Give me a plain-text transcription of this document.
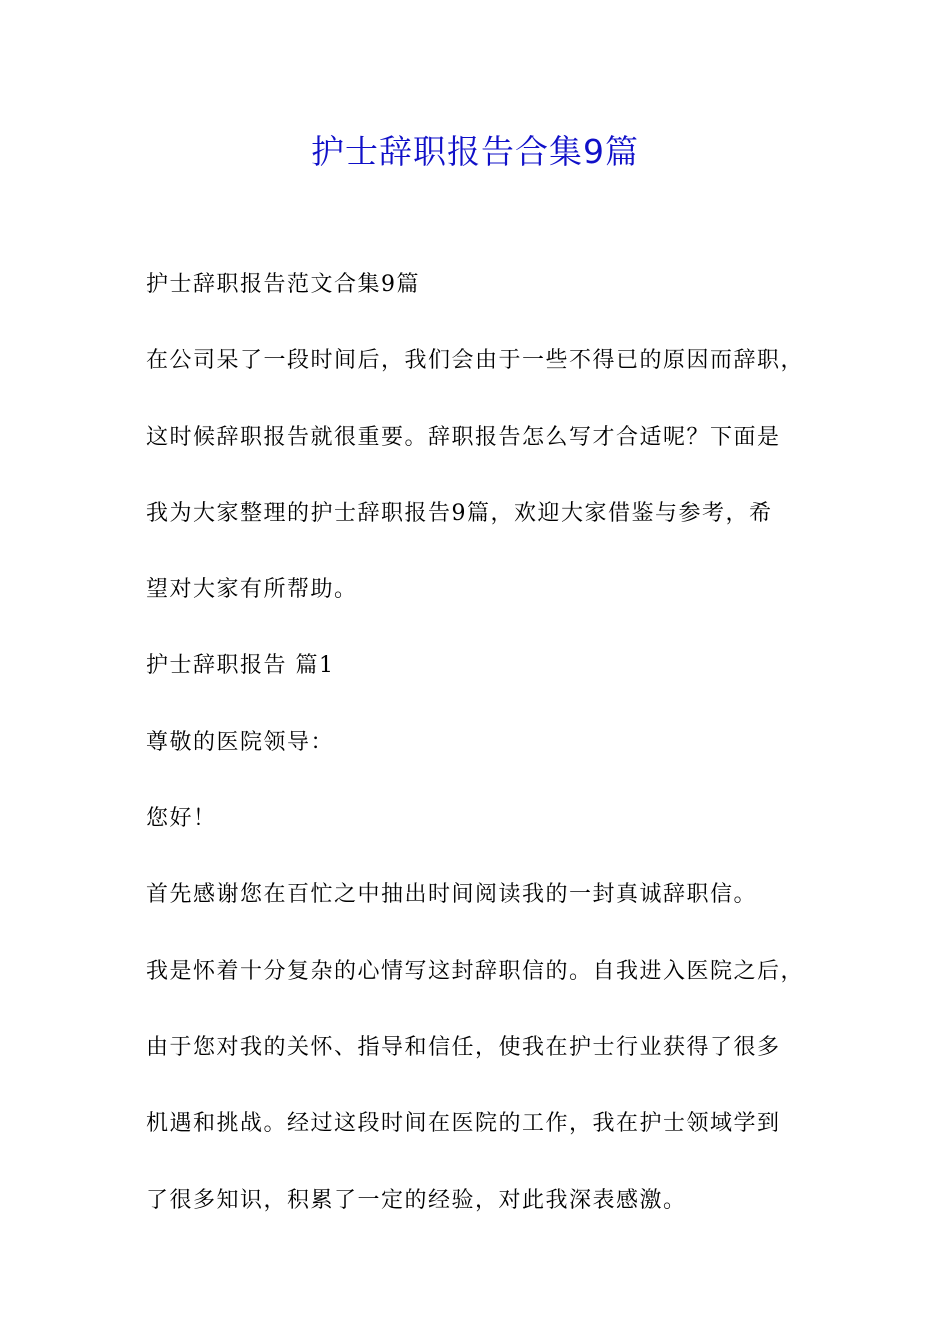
护士辞职报告合集9篇
护士辞职报告范文合集9篇
在公司呆了一段时间后，我们会由于一些不得已的原因而辞职，
这时候辞职报告就很重要。辞职报告怎么写才合适呢？下面是
我为大家整理的护士辞职报告9篇，欢迎大家借鉴与参考，希
望对大家有所帮助。
护士辞职报告 篇1
尊敬的医院领导：
您好！
首先感谢您在百忙之中抽出时间阅读我的一封真诚辞职信。
我是怀着十分复杂的心情写这封辞职信的。自我进入医院之后，
由于您对我的关怀、指导和信任，使我在护士行业获得了很多
机遇和挑战。经过这段时间在医院的工作，我在护士领域学到
了很多知识，积累了一定的经验，对此我深表感激。
